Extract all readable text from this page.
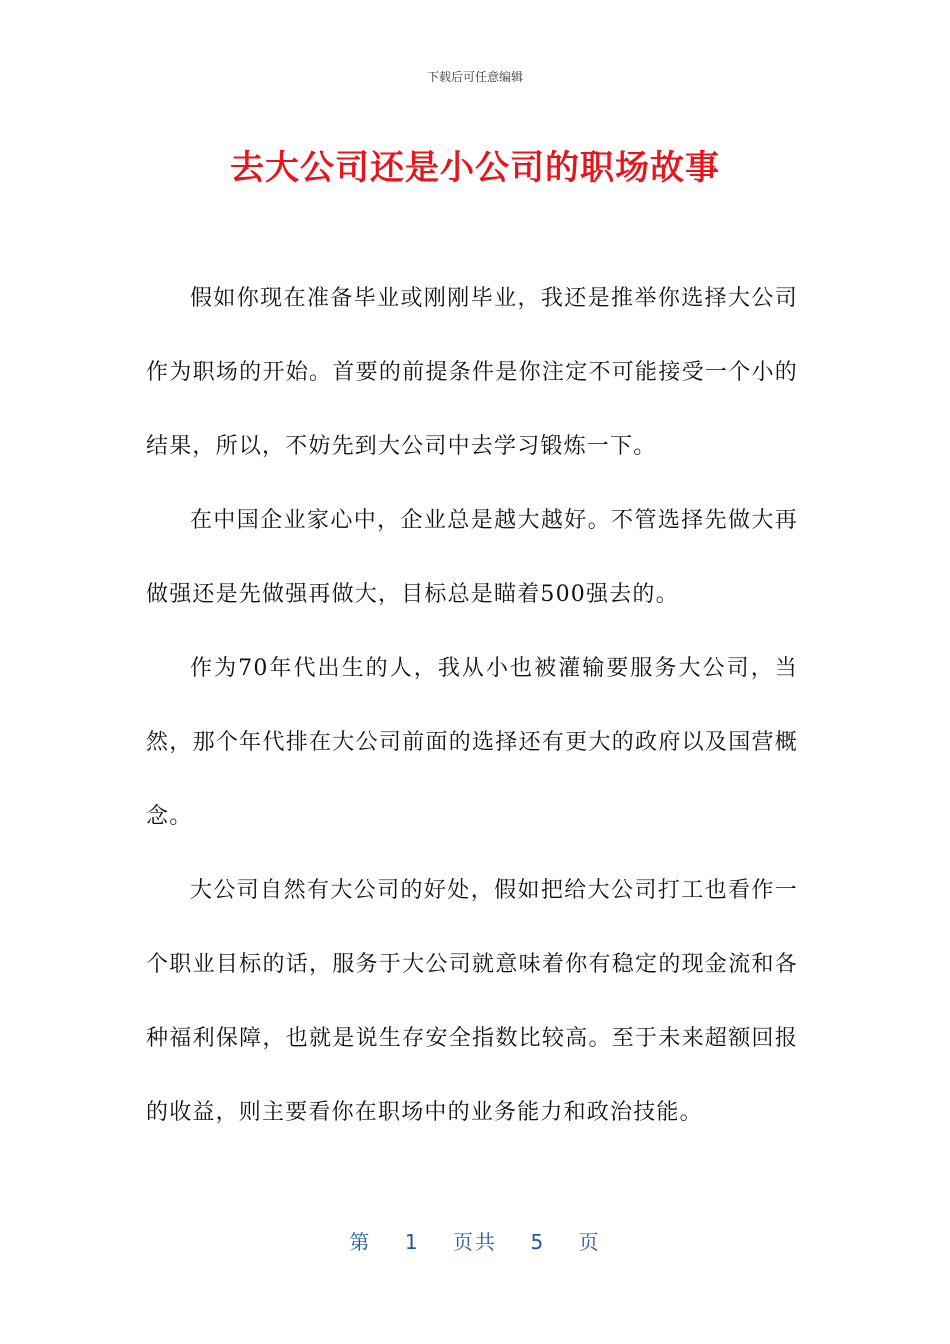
下载后可任意编辑
去大公司还是小公司的职场故事

假如你现在准备毕业或刚刚毕业，我还是推举你选择大公司作为职场的开始。首要的前提条件是你注定不可能接受一个小的结果，所以，不妨先到大公司中去学习锻炼一下。

在中国企业家心中，企业总是越大越好。不管选择先做大再做强还是先做强再做大，目标总是瞄着500强去的。

作为70年代出生的人，我从小也被灌输要服务大公司，当然，那个年代排在大公司前面的选择还有更大的政府以及国营概念。

大公司自然有大公司的好处，假如把给大公司打工也看作一个职业目标的话，服务于大公司就意味着你有稳定的现金流和各种福利保障，也就是说生存安全指数比较高。至于未来超额回报的收益，则主要看你在职场中的业务能力和政治技能。

第 1 页共 5 页
